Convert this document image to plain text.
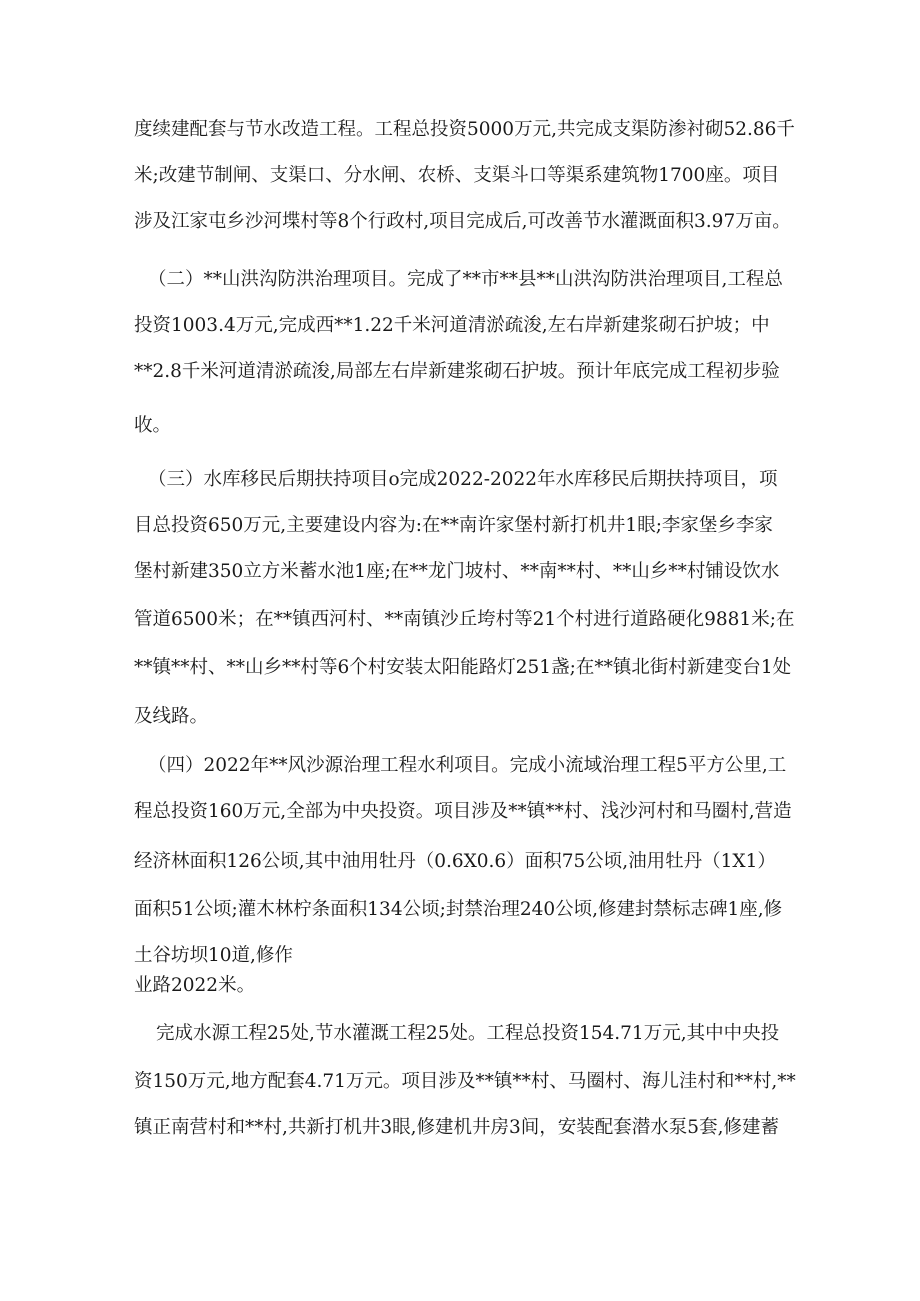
度续建配套与节水改造工程。工程总投资5000万元,共完成支渠防渗衬砌52.86千

米;改建节制闸、支渠口、分水闸、农桥、支渠斗口等渠系建筑物1700座。项目

涉及江家屯乡沙河堞村等8个行政村,项目完成后,可改善节水灌溉面积3.97万亩。

（二）**山洪沟防洪治理项目。完成了**市**县**山洪沟防洪治理项目,工程总

投资1003.4万元,完成西**1.22千米河道清淤疏浚,左右岸新建浆砌石护坡；中

**2.8千米河道清淤疏浚,局部左右岸新建浆砌石护坡。预计年底完成工程初步验

收。

（三）水库移民后期扶持项目o完成2022-2022年水库移民后期扶持项目，项

目总投资650万元,主要建设内容为:在**南许家堡村新打机井1眼;李家堡乡李家

堡村新建350立方米蓄水池1座;在**龙门坡村、**南**村、**山乡**村铺设饮水

管道6500米；在**镇西河村、**南镇沙丘垮村等21个村进行道路硬化9881米;在

**镇**村、**山乡**村等6个村安装太阳能路灯251盏;在**镇北街村新建变台1处

及线路。

（四）2022年**风沙源治理工程水利项目。完成小流域治理工程5平方公里,工

程总投资160万元,全部为中央投资。项目涉及**镇**村、浅沙河村和马圈村,营造

经济林面积126公顷,其中油用牡丹（0.6X0.6）面积75公顷,油用牡丹（1X1）

面积51公顷;灌木林柠条面积134公顷;封禁治理240公顷,修建封禁标志碑1座,修

土谷坊坝10道,修作

业路2022米。

完成水源工程25处,节水灌溉工程25处。工程总投资154.71万元,其中中央投

资150万元,地方配套4.71万元。项目涉及**镇**村、马圈村、海儿洼村和**村,**

镇正南营村和**村,共新打机井3眼,修建机井房3间，安装配套潜水泵5套,修建蓄
